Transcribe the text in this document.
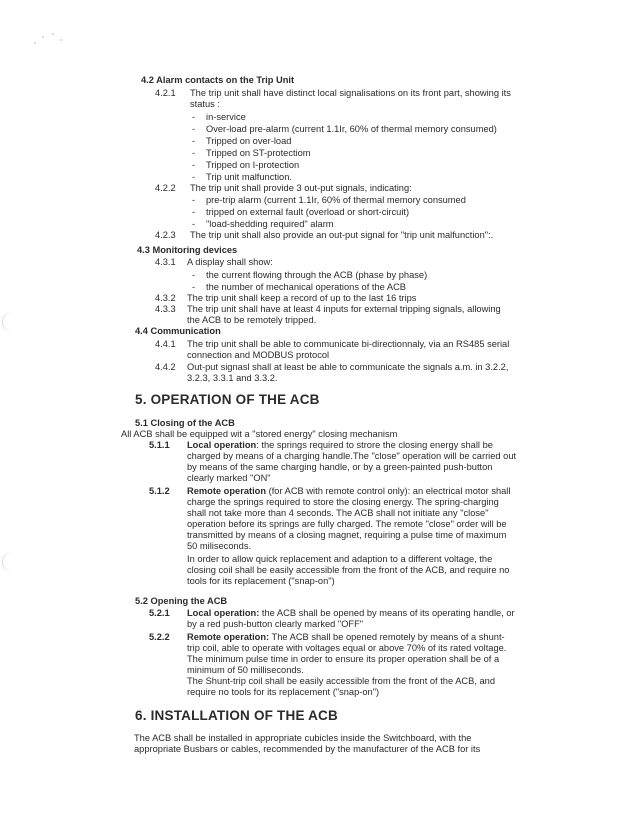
4.2 Alarm contacts on the Trip Unit
4.2.1 The trip unit shall have distinct local signalisations on its front part, showing its
status :
- in-service
- Over-load pre-alarm (current 1.1Ir, 60% of thermal memory consumed)
- Tripped on over-load
- Tripped on ST-protectiom
- Tripped on I-protection
- Trip unit malfunction.
4.2.2 The trip unit shall provide 3 out-put signals, indicating:
- pre-trip alarm (current 1.1Ir, 60% of thermal memory consumed
- tripped on external fault (overload or short-circuit)
- "load-shedding required" alarm
4.2.3 The trip unit shall also provide an out-put signal for "trip unit malfunction":.
4.3 Monitoring devices
4.3.1 A display shall show:
- the current flowing through the ACB (phase by phase)
- the number of mechanical operations of the ACB
4.3.2 The trip unit shall keep a record of up to the last 16 trips
4.3.3 The trip unit shall have at least 4 inputs for external tripping signals, allowing
the ACB to be remotely tripped.
4.4 Communication
4.4.1 The trip unit shall be able to communicate bi-directionnaly, via an RS485 serial
connection and MODBUS protocol
4.4.2 Out-put signasl shall at least be able to communicate the signals a.m. in 3.2.2,
3.2.3, 3.3.1 and 3.3.2.
5. OPERATION OF THE ACB
5.1 Closing of the ACB
All ACB shall be equipped wit a "stored energy" closing mechanism
5.1.1 Local operation: the springs required to strore the closing energy shall be
charged by means of a charging handle.The "close" operation will be carried out
by means of the same charging handle, or by a green-painted push-button
clearly marked "ON"
5.1.2 Remote operation (for ACB with remote control only): an electrical motor shall
charge the springs required to store the closing energy. The spring-charging
shall not take more than 4 seconds. The ACB shall not initiate any "close"
operation before its springs are fully charged. The remote "close" order will be
transmitted by means of a closing magnet, requiring a pulse time of maximum
50 miliseconds.
In order to allow quick replacement and adaption to a different voltage, the
closing coil shall be easily accessible from the front of the ACB, and require no
tools for its replacement ("snap-on")
5.2 Opening the ACB
5.2.1 Local operation: the ACB shall be opened by means of its operating handle, or
by a red push-button clearly marked "OFF"
5.2.2 Remote operation: The ACB shall be opened remotely by means of a shunt-
trip coil, able to operate with voltages equal or above 70% of its rated voltage.
The minimum pulse time in order to ensure its proper operation shall be of a
minimum of 50 milliseconds.
The Shunt-trip coil shall be easily accessible from the front of the ACB, and
require no tools for its replacement ("snap-on")
6. INSTALLATION OF THE ACB
The ACB shall be installed in appropriate cubicles inside the Switchboard, with the
appropriate Busbars or cables, recommended by the manufacturer of the ACB for its
